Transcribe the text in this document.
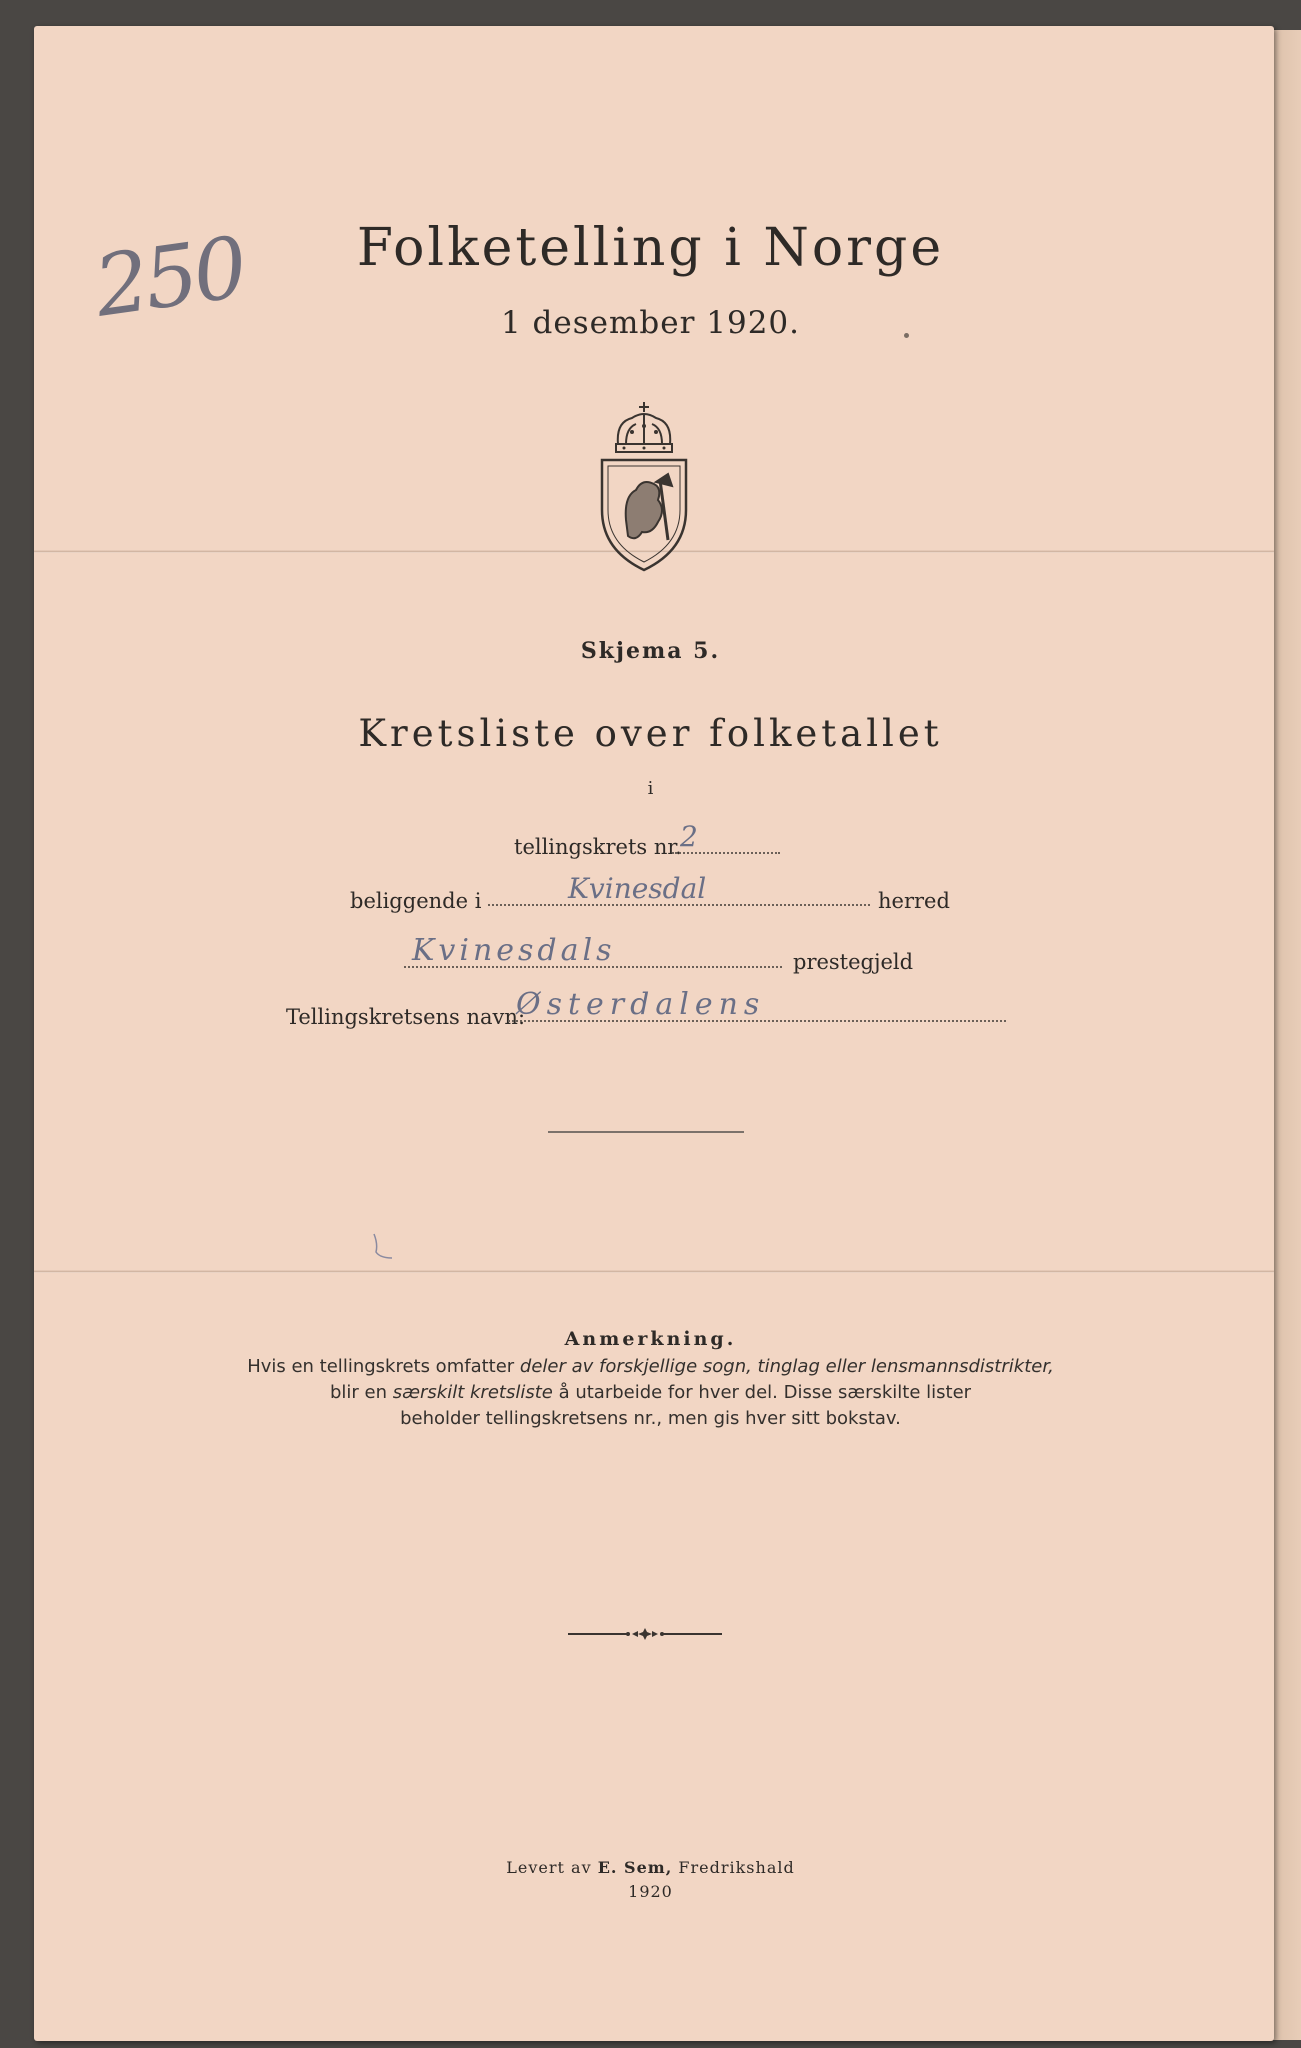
250	Folketelling i Norge
1 desember 1920.
Skjema 5.
Kretsliste over folketallet
i
tellingskrets nr.
2
beliggende i	Kvinesdal	herred
Kvinesdals	prestegjeld
Tellingskretsens navn:
Østerdalens
Anmerkning.
Hvis en tellingskrets omfatter deler av forskjellige sogn, tinglag eller lensmannsdistrikter,
blir en særskilt kretsliste å utarbeide for hver del. Disse særskilte lister
beholder tellingskretsens nr., men gis hver sitt bokstav.
Levert av E. Sem, Fredrikshald
1920
